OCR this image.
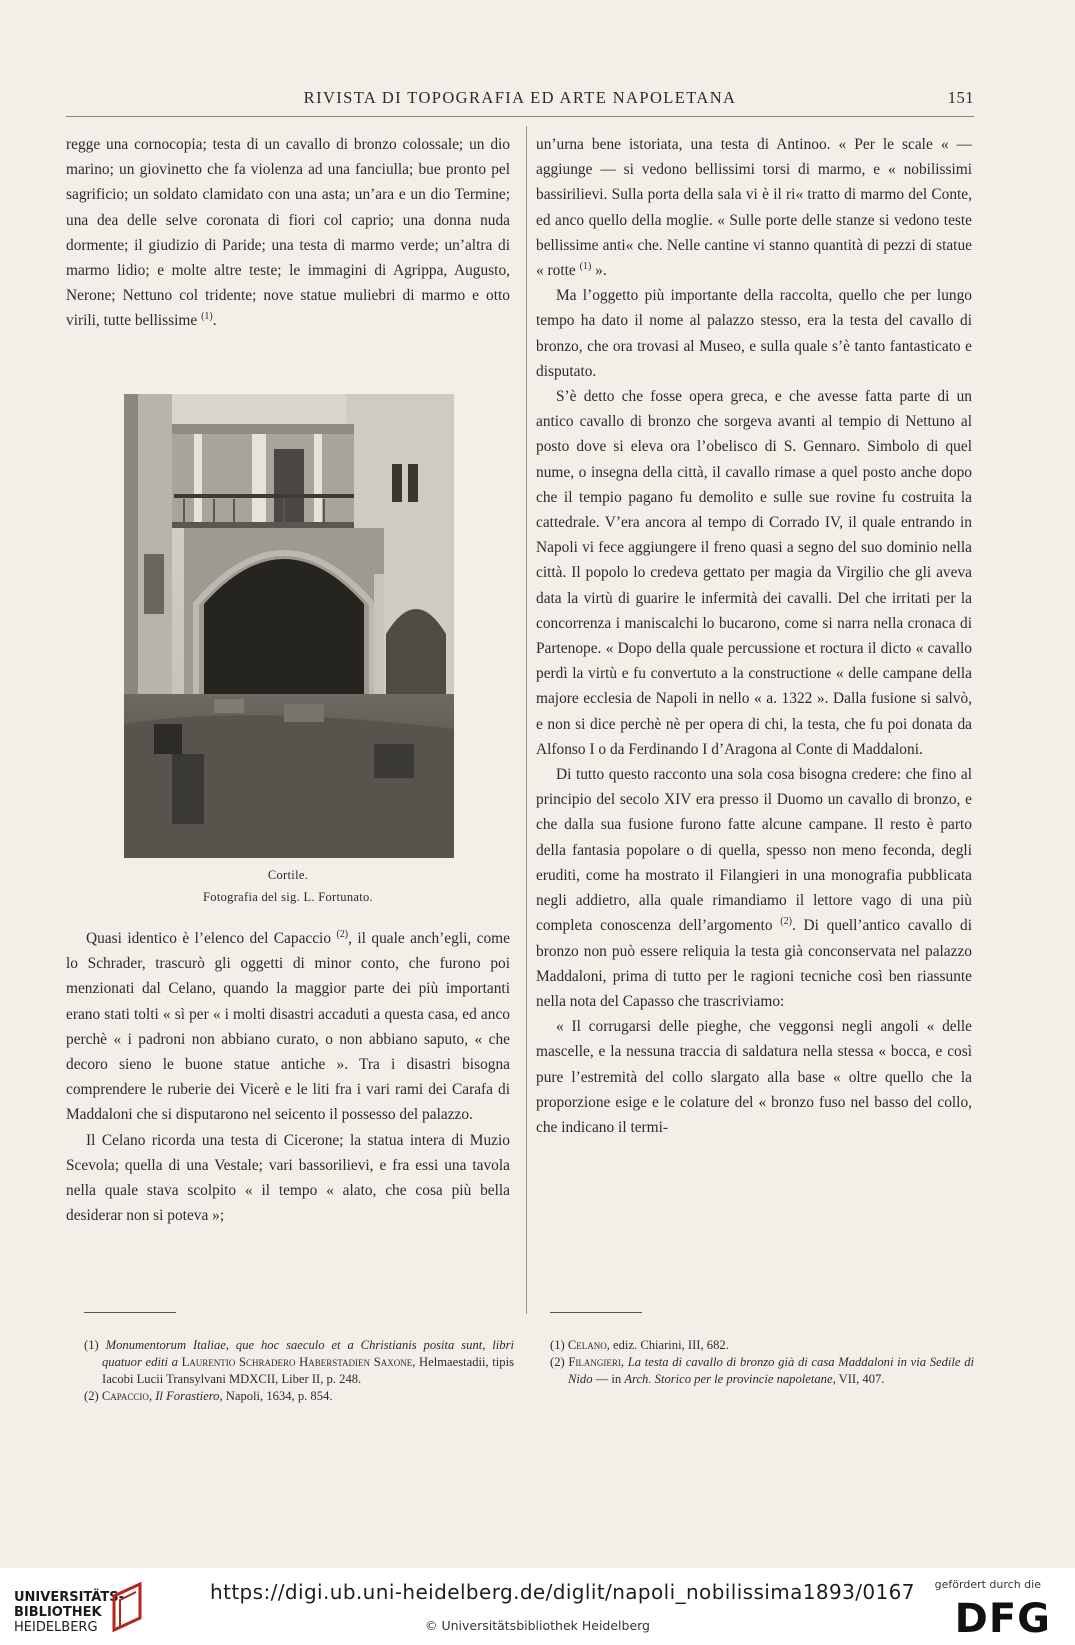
RIVISTA DI TOPOGRAFIA ED ARTE NAPOLETANA	151

regge una cornocopia; testa di un cavallo di bronzo colossale; un dio marino; un giovinetto che fa violenza ad una fanciulla; bue pronto pel sagrificio; un soldato clamidato con una asta; un’ara e un dio Termine; una dea delle selve coronata di fiori col caprio; una donna nuda dormente; il giudizio di Paride; una testa di marmo verde; un’altra di marmo lidio; e molte altre teste; le immagini di Agrippa, Augusto, Nerone; Nettuno col tridente; nove statue muliebri di marmo e otto virili, tutte bellissime $^{(1)}$.

Cortile.
Fotografia del sig. L. Fortunato.

Quasi identico è l’elenco del Capaccio $^{(2)}$, il quale anch’egli, come lo Schrader, trascurò gli oggetti di minor conto, che furono poi menzionati dal Celano, quando la maggior parte dei più importanti erano stati tolti « sì per « i molti disastri accaduti a questa casa, ed anco perchè « i padroni non abbiano curato, o non abbiano saputo, « che decoro sieno le buone statue antiche ». Tra i disastri bisogna comprendere le ruberie dei Vicerè e le liti fra i vari rami dei Carafa di Maddaloni che si disputarono nel seicento il possesso del palazzo.

Il Celano ricorda una testa di Cicerone; la statua intera di Muzio Scevola; quella di una Vestale; vari bassorilievi, e fra essi una tavola nella quale stava scolpito « il tempo « alato, che cosa più bella desiderar non si poteva »;

un’urna bene istoriata, una testa di Antinoo. « Per le scale « — aggiunge — si vedono bellissimi torsi di marmo, e « nobilissimi bassirilievi. Sulla porta della sala vi è il ri« tratto di marmo del Conte, ed anco quello della moglie. « Sulle porte delle stanze si vedono teste bellissime anti« che. Nelle cantine vi stanno quantità di pezzi di statue « rotte $^{(1)}$ ».

Ma l’oggetto più importante della raccolta, quello che per lungo tempo ha dato il nome al palazzo stesso, era la testa del cavallo di bronzo, che ora trovasi al Museo, e sulla quale s’è tanto fantasticato e disputato.

S’è detto che fosse opera greca, e che avesse fatta parte di un antico cavallo di bronzo che sorgeva avanti al tempio di Nettuno al posto dove si eleva ora l’obelisco di S. Gennaro. Simbolo di quel nume, o insegna della città, il cavallo rimase a quel posto anche dopo che il tempio pagano fu demolito e sulle sue rovine fu costruita la cattedrale. V’era ancora al tempo di Corrado IV, il quale entrando in Napoli vi fece aggiungere il freno quasi a segno del suo dominio nella città. Il popolo lo credeva gettato per magia da Virgilio che gli aveva data la virtù di guarire le infermità dei cavalli. Del che irritati per la concorrenza i maniscalchi lo bucarono, come si narra nella cronaca di Partenope. « Dopo della quale percussione et roctura il dicto « cavallo perdì la virtù e fu convertuto a la constructione « delle campane della majore ecclesia de Napoli in nello « a. 1322 ». Dalla fusione si salvò, e non si dice perchè nè per opera di chi, la testa, che fu poi donata da Alfonso I o da Ferdinando I d’Aragona al Conte di Maddaloni.

Di tutto questo racconto una sola cosa bisogna credere: che fino al principio del secolo XIV era presso il Duomo un cavallo di bronzo, e che dalla sua fusione furono fatte alcune campane. Il resto è parto della fantasia popolare o di quella, spesso non meno feconda, degli eruditi, come ha mostrato il Filangieri in una monografia pubblicata negli addietro, alla quale rimandiamo il lettore vago di una più completa conoscenza dell’argomento $^{(2)}$. Di quell’antico cavallo di bronzo non può essere reliquia la testa già conconservata nel palazzo Maddaloni, prima di tutto per le ragioni tecniche così ben riassunte nella nota del Capasso che trascriviamo:

« Il corrugarsi delle pieghe, che veggonsi negli angoli « delle mascelle, e la nessuna traccia di saldatura nella stessa « bocca, e così pure l’estremità del collo slargato alla base « oltre quello che la proporzione esige e le colature del « bronzo fuso nel basso del collo, che indicano il termi-

(1) Monumentorum Italiae, que hoc saeculo et a Christianis posita sunt, libri quatuor editi a Laurentio Schradero Haberstadien Saxone, Helmaestadii, tipis Iacobi Lucii Transylvani MDXCII, Liber II, p. 248.

(2) Capaccio, Il Forastiero, Napoli, 1634, p. 854.

(1) Celano, ediz. Chiarini, III, 682.

(2) Filangieri, La testa di cavallo di bronzo già di casa Maddaloni in via Sedile di Nido — in Arch. Storico per le provincie napoletane, VII, 407.

UNIVERSITÄTS-
BIBLIOTHEK
HEIDELBERG
https://digi.ub.uni-heidelberg.de/diglit/napoli_nobilissima1893/0167
© Universitätsbibliothek Heidelberg
gefördert durch die
DFG
